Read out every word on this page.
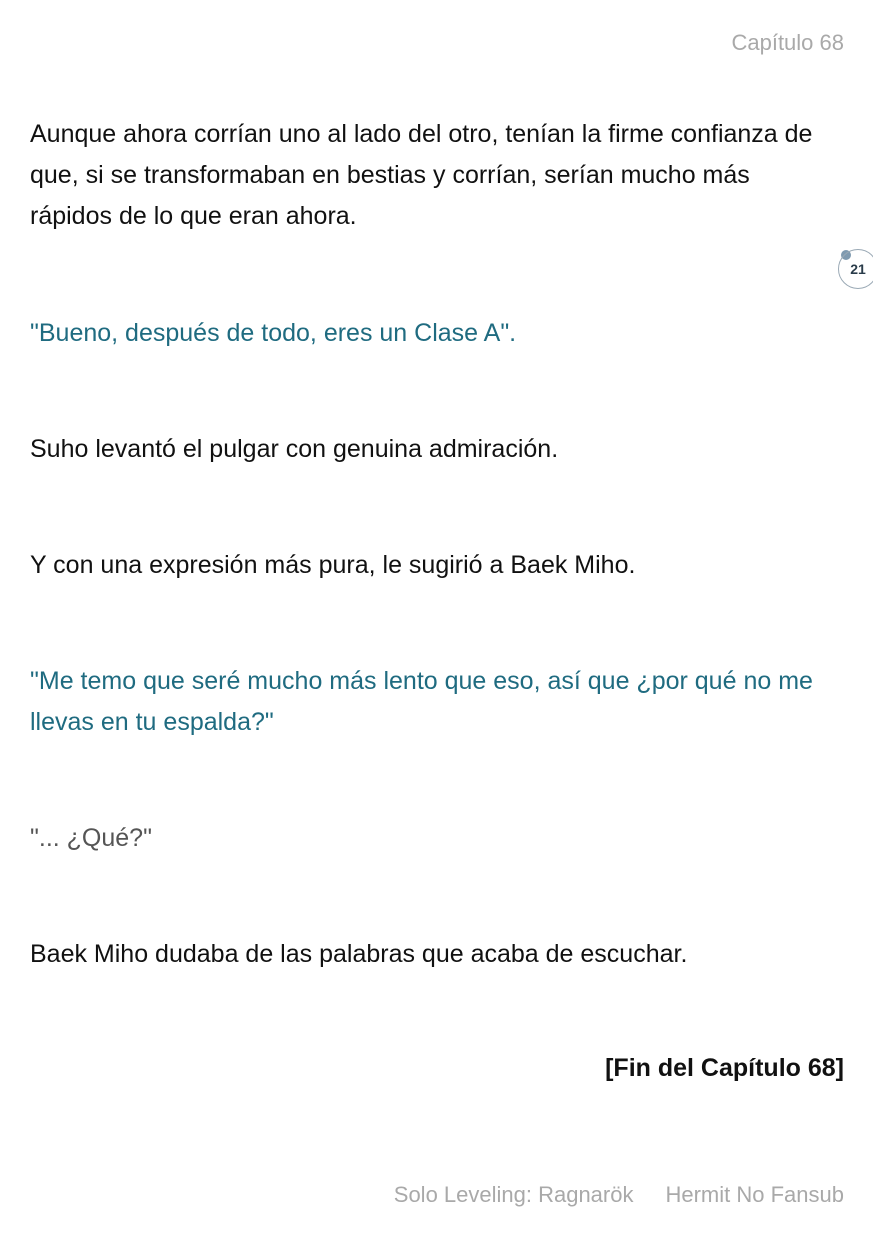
Capítulo 68
21

Aunque ahora corrían uno al lado del otro, tenían la firme confianza de que, si se transformaban en bestias y corrían, serían mucho más rápidos de lo que eran ahora.

"Bueno, después de todo, eres un Clase A".

Suho levantó el pulgar con genuina admiración.

Y con una expresión más pura, le sugirió a Baek Miho.

"Me temo que seré mucho más lento que eso, así que ¿por qué no me llevas en tu espalda?"

"... ¿Qué?"

Baek Miho dudaba de las palabras que acaba de escuchar.

[Fin del Capítulo 68]
Solo Leveling: Ragnarök Hermit No Fansub
